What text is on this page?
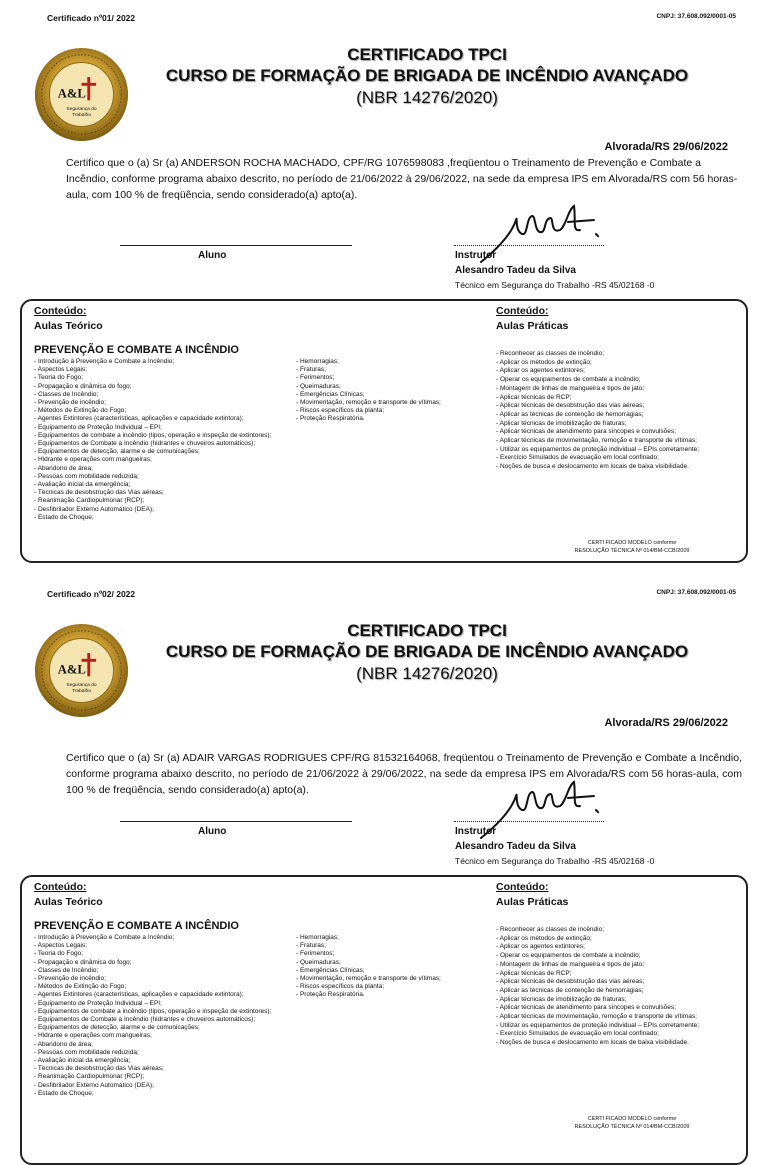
Certificado nº01/ 2022	CNPJ: 37.608.092/0001-05
A&L
Segurança do
Trabalho
CERTIFICADO TPCI
CURSO DE FORMAÇÃO DE BRIGADA DE INCÊNDIO AVANÇADO
(NBR 14276/2020)
Alvorada/RS 29/06/2022
Certifico que o (a) Sr (a) ANDERSON ROCHA MACHADO, CPF/RG 1076598083 ,freqüentou o Treinamento de Prevenção e Combate a Incêndio, conforme programa abaixo descrito, no período de 21/06/2022 à 29/06/2022, na sede da empresa IPS em Alvorada/RS com 56 horas-aula, com 100 % de freqüência, sendo considerado(a) apto(a).
Aluno	Instrutor
Alesandro Tadeu da Silva
Técnico em Segurança do Trabalho -RS 45/02168 -0
Conteúdo:
Aulas Teórico
Conteúdo:
Aulas Práticas
PREVENÇÃO E COMBATE A INCÊNDIO
- Introdução à Prevenção e Combate a Incêndio;
- Aspectos Legais;
- Teoria do Fogo;
- Propagação e dinâmica do fogo;
- Classes de Incêndio;
- Prevenção de incêndio;
- Métodos de Extinção do Fogo;
- Agentes Extintores (características, aplicações e capacidade extintora);
- Equipamento de Proteção Individual – EPI;
- Equipamentos de combate a incêndio (tipos, operação e inspeção de extintores);
- Equipamentos de Combate a Incêndio (hidrantes e chuveiros automáticos);
- Equipamentos de detecção, alarme e de comunicações;
- Hidrante e operações com mangueiras;
- Abandono de área;
- Pessoas com mobilidade reduzida;
- Avaliação inicial da emergência;
- Técnicas de desobstrução das Vias aéreas;
- Reanimação Cardiopulmonar (RCP);
- Desfibrilador Externo Automático (DEA);
- Estado de Choque;
- Hemorragias;
- Fraturas;
- Ferimentos;
- Queimaduras;
- Emergências Clínicas;
- Movimentação, remoção e transporte de vítimas;
- Riscos específicos da planta;
- Proteção Respiratória.
- Reconhecer as classes de incêndio;
- Aplicar os métodos de extinção;
- Aplicar os agentes extintores;
- Operar os equipamentos de combate a incêndio;
- Montagem de linhas de mangueira e tipos de jato;
- Aplicar técnicas de RCP;
- Aplicar técnicas de desobstrução das vias aéreas;
- Aplicar as técnicas de contenção de hemorragias;
- Aplicar técnicas de imobilização de fraturas;
- Aplicar técnicas de atendimento para síncopes e convulsões;
- Aplicar técnicas de movimentação, remoção e transporte de vítimas;
- Utilizar os equipamentos de proteção individual – EPIs corretamente;
- Exercício Simulados de evacuação em local confinado;
- Noções de busca e deslocamento em locais de baixa visibilidade.
CERTI FICADO MODELO conforme
RESOLUÇÃO TÉCNICA Nº 014/BM-CCB/2009
Certificado nº02/ 2022	CNPJ: 37.608.092/0001-05
A&L
Segurança do
Trabalho
CERTIFICADO TPCI
CURSO DE FORMAÇÃO DE BRIGADA DE INCÊNDIO AVANÇADO
(NBR 14276/2020)
Alvorada/RS 29/06/2022
Certifico que o (a) Sr (a) ADAIR VARGAS RODRIGUES CPF/RG 81532164068, freqüentou o Treinamento de Prevenção e Combate a Incêndio, conforme programa abaixo descrito, no período de 21/06/2022 à 29/06/2022, na sede da empresa IPS em Alvorada/RS com 56 horas-aula, com 100 % de freqüência, sendo considerado(a) apto(a).
Aluno	Instrutor
Alesandro Tadeu da Silva
Técnico em Segurança do Trabalho -RS 45/02168 -0
Conteúdo:
Aulas Teórico
Conteúdo:
Aulas Práticas
PREVENÇÃO E COMBATE A INCÊNDIO
- Introdução à Prevenção e Combate a Incêndio;
- Aspectos Legais;
- Teoria do Fogo;
- Propagação e dinâmica do fogo;
- Classes de Incêndio;
- Prevenção de incêndio;
- Métodos de Extinção do Fogo;
- Agentes Extintores (características, aplicações e capacidade extintora);
- Equipamento de Proteção Individual – EPI;
- Equipamentos de combate a incêndio (tipos, operação e inspeção de extintores);
- Equipamentos de Combate a Incêndio (hidrantes e chuveiros automáticos);
- Equipamentos de detecção, alarme e de comunicações;
- Hidrante e operações com mangueiras;
- Abandono de área;
- Pessoas com mobilidade reduzida;
- Avaliação inicial da emergência;
- Técnicas de desobstrução das Vias aéreas;
- Reanimação Cardiopulmonar (RCP);
- Desfibrilador Externo Automático (DEA);
- Estado de Choque;
- Hemorragias;
- Fraturas;
- Ferimentos;
- Queimaduras;
- Emergências Clínicas;
- Movimentação, remoção e transporte de vítimas;
- Riscos específicos da planta;
- Proteção Respiratória.
- Reconhecer as classes de incêndio;
- Aplicar os métodos de extinção;
- Aplicar os agentes extintores;
- Operar os equipamentos de combate a incêndio;
- Montagem de linhas de mangueira e tipos de jato;
- Aplicar técnicas de RCP;
- Aplicar técnicas de desobstrução das vias aéreas;
- Aplicar as técnicas de contenção de hemorragias;
- Aplicar técnicas de imobilização de fraturas;
- Aplicar técnicas de atendimento para síncopes e convulsões;
- Aplicar técnicas de movimentação, remoção e transporte de vítimas;
- Utilizar os equipamentos de proteção individual – EPIs corretamente;
- Exercício Simulados de evacuação em local confinado;
- Noções de busca e deslocamento em locais de baixa visibilidade.
CERTI FICADO MODELO conforme
RESOLUÇÃO TÉCNICA Nº 014/BM-CCB/2009
